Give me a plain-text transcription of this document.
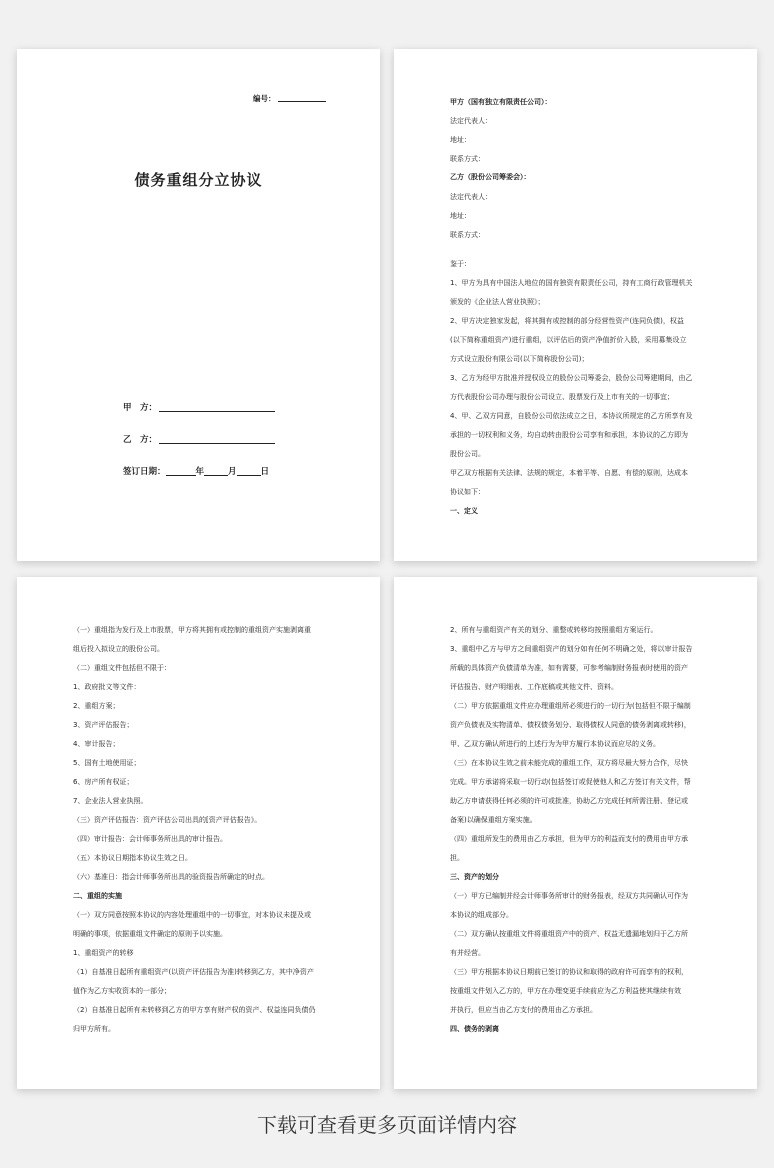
编号：
债务重组分立协议
甲　方：
乙　方：
签订日期：	年	月	日
甲方（国有独立有限责任公司）：
法定代表人：
地址：
联系方式：
乙方（股份公司筹委会）：
法定代表人：
地址：
联系方式：
鉴于：
1、甲方为具有中国法人地位的国有独资有限责任公司，持有工商行政管理机关
颁发的《企业法人营业执照》；
2、甲方决定独家发起，将其拥有或控制的部分经营性资产(连同负债)，权益
(以下简称重组资产)进行重组，以评估后的资产净值折价入股，采用募集设立
方式设立股份有限公司(以下简称股份公司)；
3、乙方为经甲方批准并授权设立的股份公司筹委会，股份公司筹建期间，由乙
方代表股份公司办理与股份公司设立、股票发行及上市有关的一切事宜；
4、甲、乙双方同意，自股份公司依法成立之日，本协议所规定的乙方所享有及
承担的一切权利和义务，均自动转由股份公司享有和承担，本协议的乙方即为
股份公司。
甲乙双方根据有关法律、法规的规定，本着平等、自愿、有偿的原则，达成本
协议如下：
一、定义
（一）重组指为发行及上市股票，甲方将其拥有或控制的重组资产实施剥离重
组后投入拟设立的股份公司。
（二）重组文件包括但不限于：
1、政府批文等文件：
2、重组方案；
3、资产评估报告；
4、审计报告；
5、国有土地使用证；
6、房产所有权证；
7、企业法人营业执照。
（三）资产评估报告：资产评估公司出具的[资产评估报告》。
（四）审计报告：会计师事务所出具的审计报告。
（五）本协议日期指本协议生效之日。
（六）基准日：指会计师事务所出具的验资报告所确定的时点。
二、重组的实施
（一）双方同意按照本协议的内容处理重组中的一切事宜，对本协议未提及或
明确的事项，依据重组文件确定的原则予以实施。
1、重组资产的转移
（1）自基准日起所有重组资产(以资产评估报告为准)转移到乙方，其中净资产
值作为乙方实收资本的一部分；
（2）自基准日起所有未转移到乙方的甲方享有财产权的资产、权益连同负债仍
归甲方所有。
2、所有与重组资产有关的划分、重整或转移均按照重组方案运行。
3、重组中乙方与甲方之间重组资产的划分如有任何不明确之处，将以审计报告
所载的具体资产负债清单为准，如有需要，可参考编制财务报表时使用的资产
评估报告、财产明细表、工作底稿或其他文件、资料。
（二）甲方依据重组文件应办理重组所必须进行的一切行为(包括但不限于编制
资产负债表及实物清单、债权债务划分、取得债权人同意的债务剥离或转移)，
甲、乙双方确认所进行的上述行为为甲方履行本协议而应尽的义务。
（三）在本协议生效之前未能完成的重组工作，双方将尽最大努力合作，尽快
完成。甲方承诺将采取一切行动(包括签订或促使他人和乙方签订有关文件，帮
助乙方申请获得任何必须的许可或批准，协助乙方完成任何所需注册、登记或
备案)以确保重组方案实施。
（四）重组所发生的费用由乙方承担，但为甲方的利益而支付的费用由甲方承
担。
三、资产的划分
（一）甲方已编制并经会计师事务所审计的财务报表，经双方共同确认可作为
本协议的组成部分。
（二）双方确认按重组文件将重组资产中的资产、权益无遗漏地划归于乙方所
有并经营。
（三）甲方根据本协议日期前已签订的协议和取得的政府许可而享有的权利，
按重组文件划入乙方的，甲方在办理变更手续前应为乙方利益使其继续有效
并执行，但应当由乙方支付的费用由乙方承担。
四、债务的剥离
下载可查看更多页面详情内容
